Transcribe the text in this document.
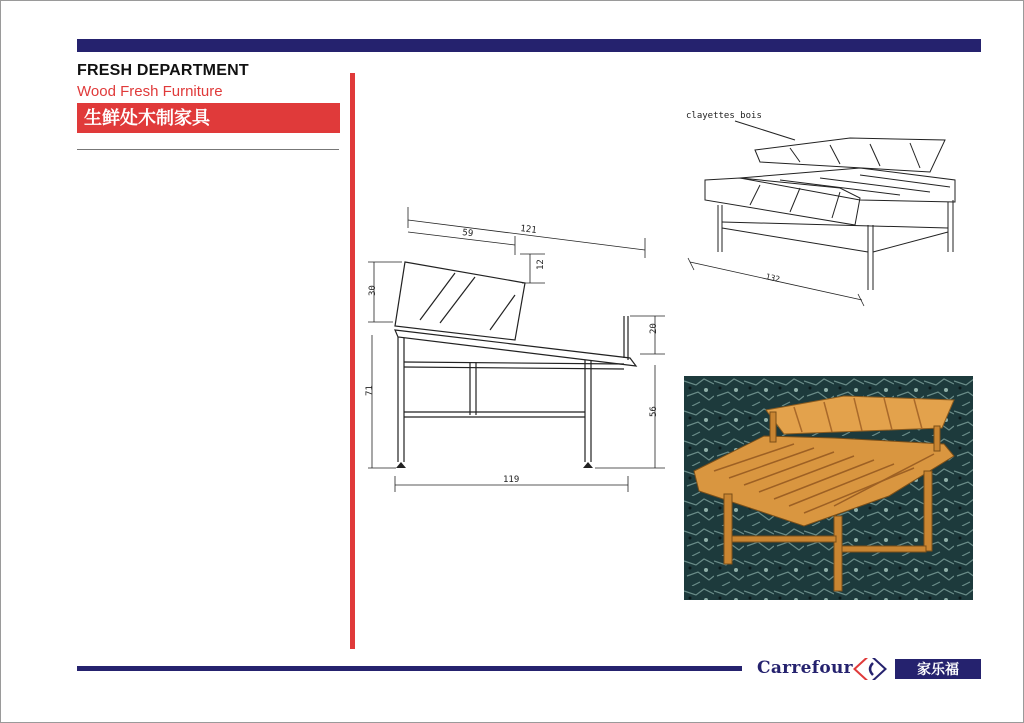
FRESH DEPARTMENT
Wood Fresh Furniture
生鲜处木制家具
121
59
30
12
71
20
56
119
clayettes bois
132
Carrefour	家乐福
